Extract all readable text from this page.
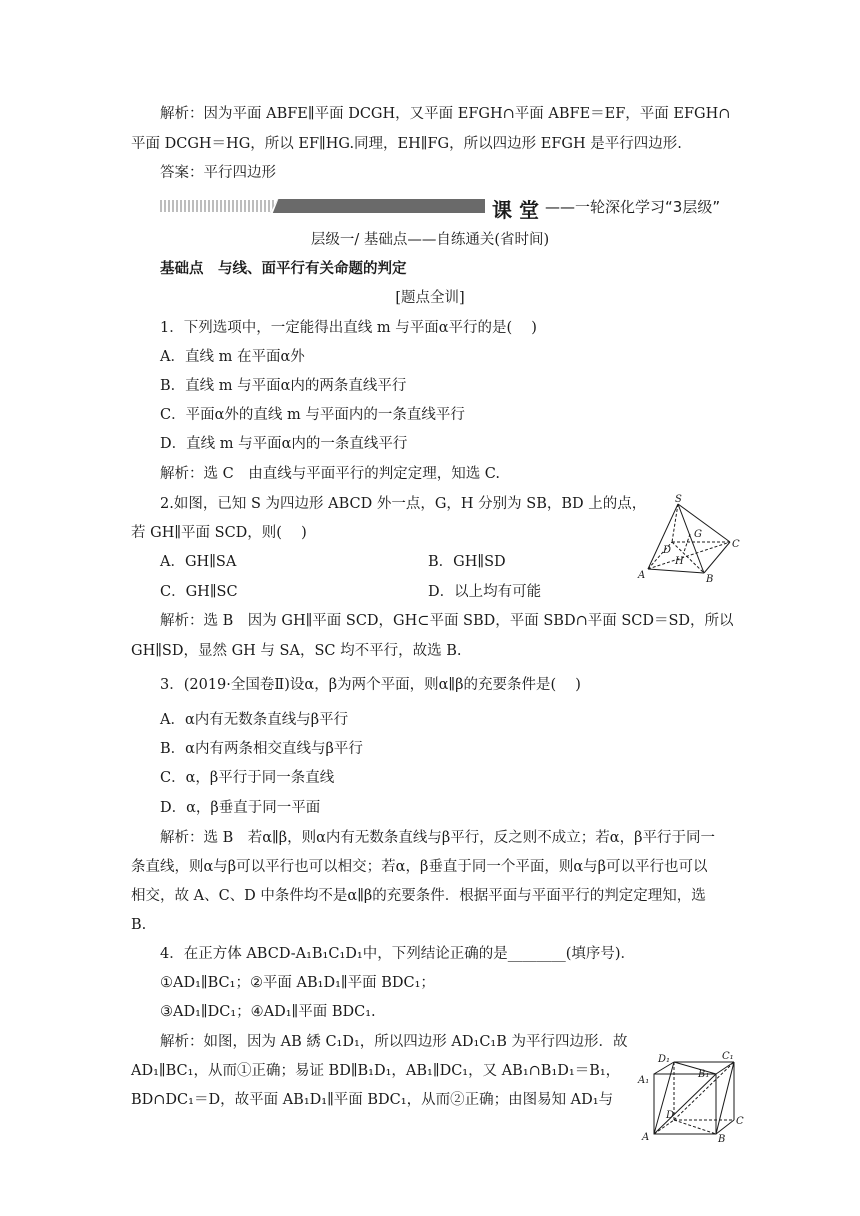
解析：因为平面 ABFE∥平面 DCGH，又平面 EFGH∩平面 ABFE＝EF，平面 EFGH∩
平面 DCGH＝HG，所以 EF∥HG.同理，EH∥FG，所以四边形 EFGH 是平行四边形.
答案：平行四边形
课 堂 ——一轮深化学习“3层级”
层级一/ 基础点——自练通关(省时间)
基础点　与线、面平行有关命题的判定
[题点全训]
1．下列选项中，一定能得出直线 m 与平面α平行的是(　 )
A．直线 m 在平面α外
B．直线 m 与平面α内的两条直线平行
C．平面α外的直线 m 与平面内的一条直线平行
D．直线 m 与平面α内的一条直线平行
解析：选 C　由直线与平面平行的判定定理，知选 C.
2.如图，已知 S 为四边形 ABCD 外一点，G，H 分别为 SB，BD 上的点，
若 GH∥平面 SCD，则(　 )
A．GH∥SA	B．GH∥SD
C．GH∥SC	D．以上均有可能
解析：选 B　因为 GH∥平面 SCD，GH⊂平面 SBD，平面 SBD∩平面 SCD＝SD，所以
GH∥SD，显然 GH 与 SA，SC 均不平行，故选 B.
3．(2019·全国卷Ⅱ)设α，β为两个平面，则α∥β的充要条件是(　 )
A．α内有无数条直线与β平行
B．α内有两条相交直线与β平行
C．α，β平行于同一条直线
D．α，β垂直于同一平面
解析：选 B　若α∥β，则α内有无数条直线与β平行，反之则不成立；若α，β平行于同一
条直线，则α与β可以平行也可以相交；若α，β垂直于同一个平面，则α与β可以平行也可以
相交，故 A、C、D 中条件均不是α∥β的充要条件．根据平面与平面平行的判定定理知，选
B.
4．在正方体 ABCD-A₁B₁C₁D₁中，下列结论正确的是________(填序号)．
①AD₁∥BC₁；②平面 AB₁D₁∥平面 BDC₁；
③AD₁∥DC₁；④AD₁∥平面 BDC₁.
解析：如图，因为 AB 綉 C₁D₁，所以四边形 AD₁C₁B 为平行四边形．故
AD₁∥BC₁，从而①正确；易证 BD∥B₁D₁，AB₁∥DC₁，又 AB₁∩B₁D₁＝B₁，
BD∩DC₁＝D，故平面 AB₁D₁∥平面 BDC₁，从而②正确；由图易知 AD₁与
S
G
C
D
H
A	B
D₁	C₁
A₁
B₁
D
C
A	B
